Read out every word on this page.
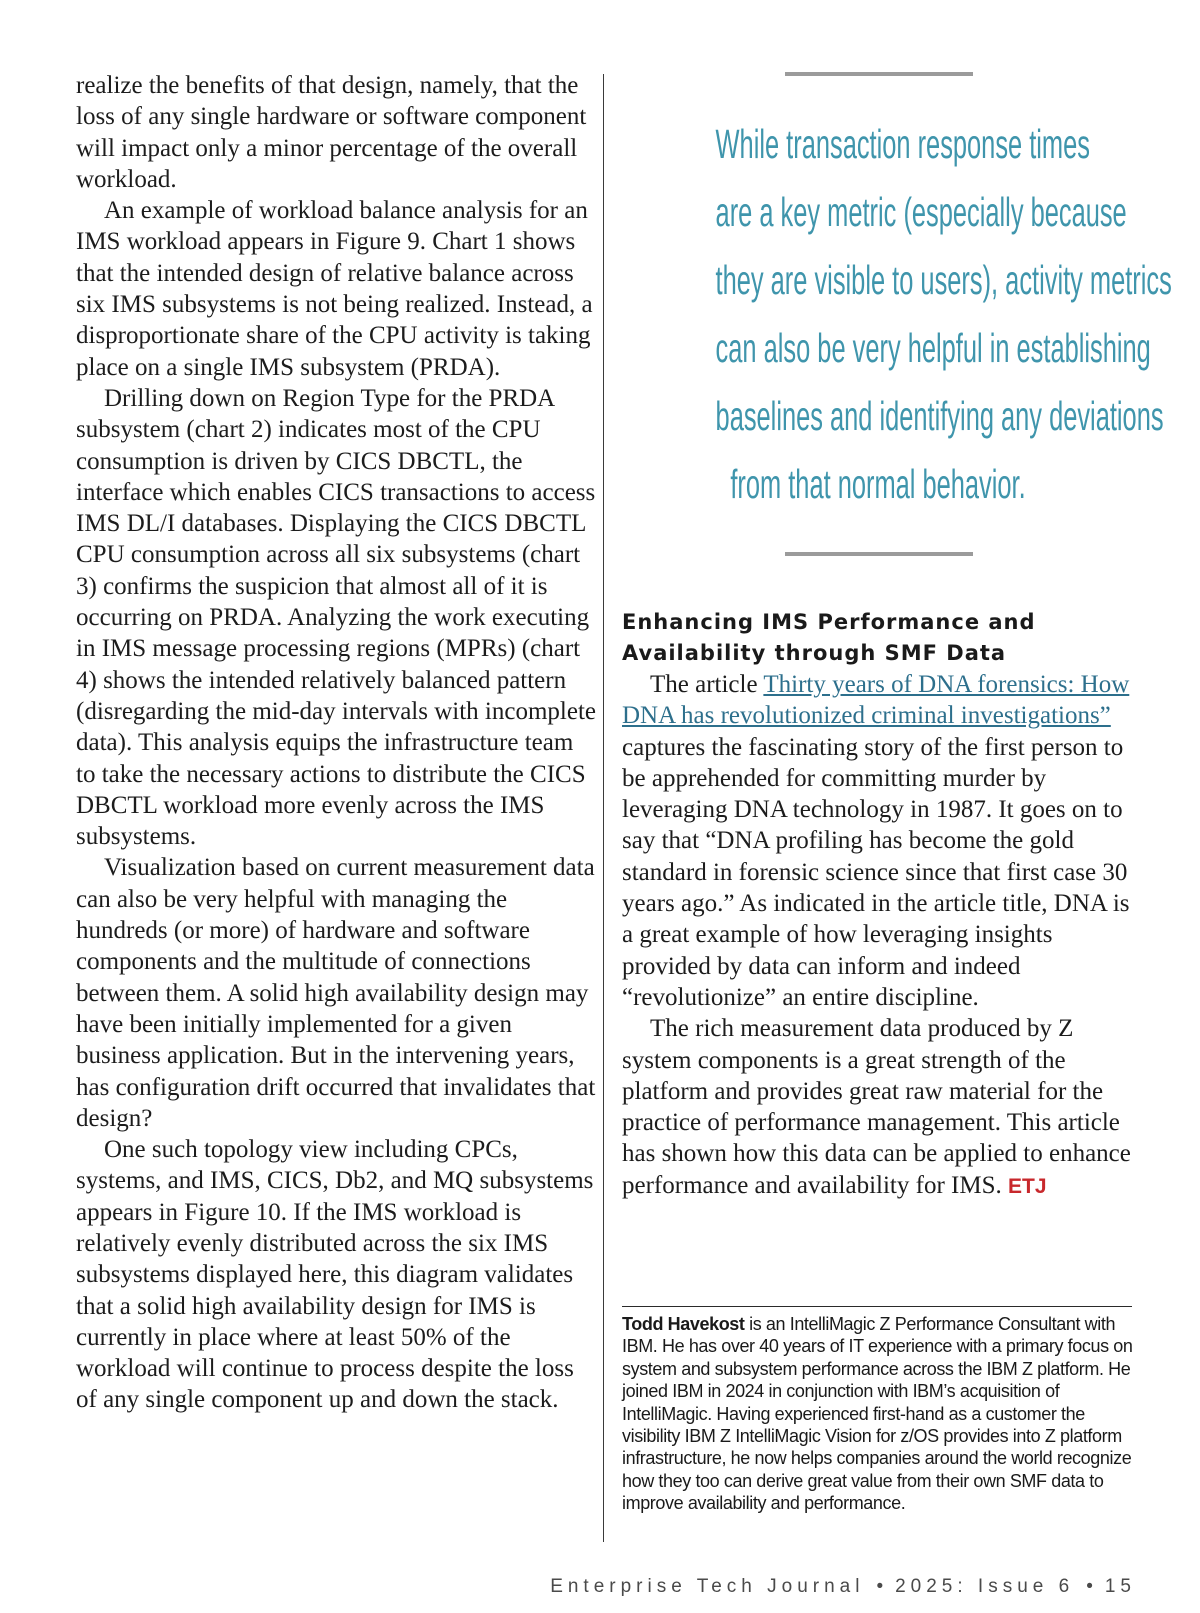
realize the benefits of that design, namely, that the loss of any single hardware or software component will impact only a minor percentage of the overall workload.

An example of workload balance analysis for an IMS workload appears in Figure 9. Chart 1 shows that the intended design of relative balance across six IMS subsystems is not being realized. Instead, a disproportionate share of the CPU activity is taking place on a single IMS subsystem (PRDA).

Drilling down on Region Type for the PRDA subsystem (chart 2) indicates most of the CPU consumption is driven by CICS DBCTL, the interface which enables CICS transactions to access IMS DL/I databases. Displaying the CICS DBCTL CPU consumption across all six subsystems (chart 3) confirms the suspicion that almost all of it is occurring on PRDA. Analyzing the work executing in IMS message processing regions (MPRs) (chart 4) shows the intended relatively balanced pattern (disregarding the mid-day intervals with incomplete data). This analysis equips the infrastructure team to take the necessary actions to distribute the CICS DBCTL workload more evenly across the IMS subsystems.

Visualization based on current measurement data can also be very helpful with managing the hundreds (or more) of hardware and software components and the multitude of connections between them. A solid high availability design may have been initially implemented for a given business application. But in the intervening years, has configuration drift occurred that invalidates that design?

One such topology view including CPCs, systems, and IMS, CICS, Db2, and MQ subsystems appears in Figure 10. If the IMS workload is relatively evenly distributed across the six IMS subsystems displayed here, this diagram validates that a solid high availability design for IMS is currently in place where at least 50% of the workload will continue to process despite the loss of any single component up and down the stack.

While transaction response times
are a key metric (especially because
they are visible to users), activity metrics
can also be very helpful in establishing
baselines and identifying any deviations
from that normal behavior.
Enhancing IMS Performance and Availability through SMF Data

The article Thirty years of DNA forensics: How DNA has revolutionized criminal investigations” captures the fascinating story of the first person to be apprehended for committing murder by leveraging DNA technology in 1987. It goes on to say that “DNA profiling has become the gold standard in forensic science since that first case 30 years ago.” As indicated in the article title, DNA is a great example of how leveraging insights provided by data can inform and indeed “revolutionize” an entire discipline.

The rich measurement data produced by Z system components is a great strength of the platform and provides great raw material for the practice of performance management. This article has shown how this data can be applied to enhance performance and availability for IMS. ETJ

Todd Havekost is an IntelliMagic Z Performance Consultant with IBM. He has over 40 years of IT experience with a primary focus on system and subsystem performance across the IBM Z platform. He joined IBM in 2024 in conjunction with IBM’s acquisition of IntelliMagic. Having experienced first-hand as a customer the visibility IBM Z IntelliMagic Vision for z/OS provides into Z platform infrastructure, he now helps companies around the world recognize how they too can derive great value from their own SMF data to improve availability and performance.
Enterprise Tech Journal • 2025: Issue 6 • 15
